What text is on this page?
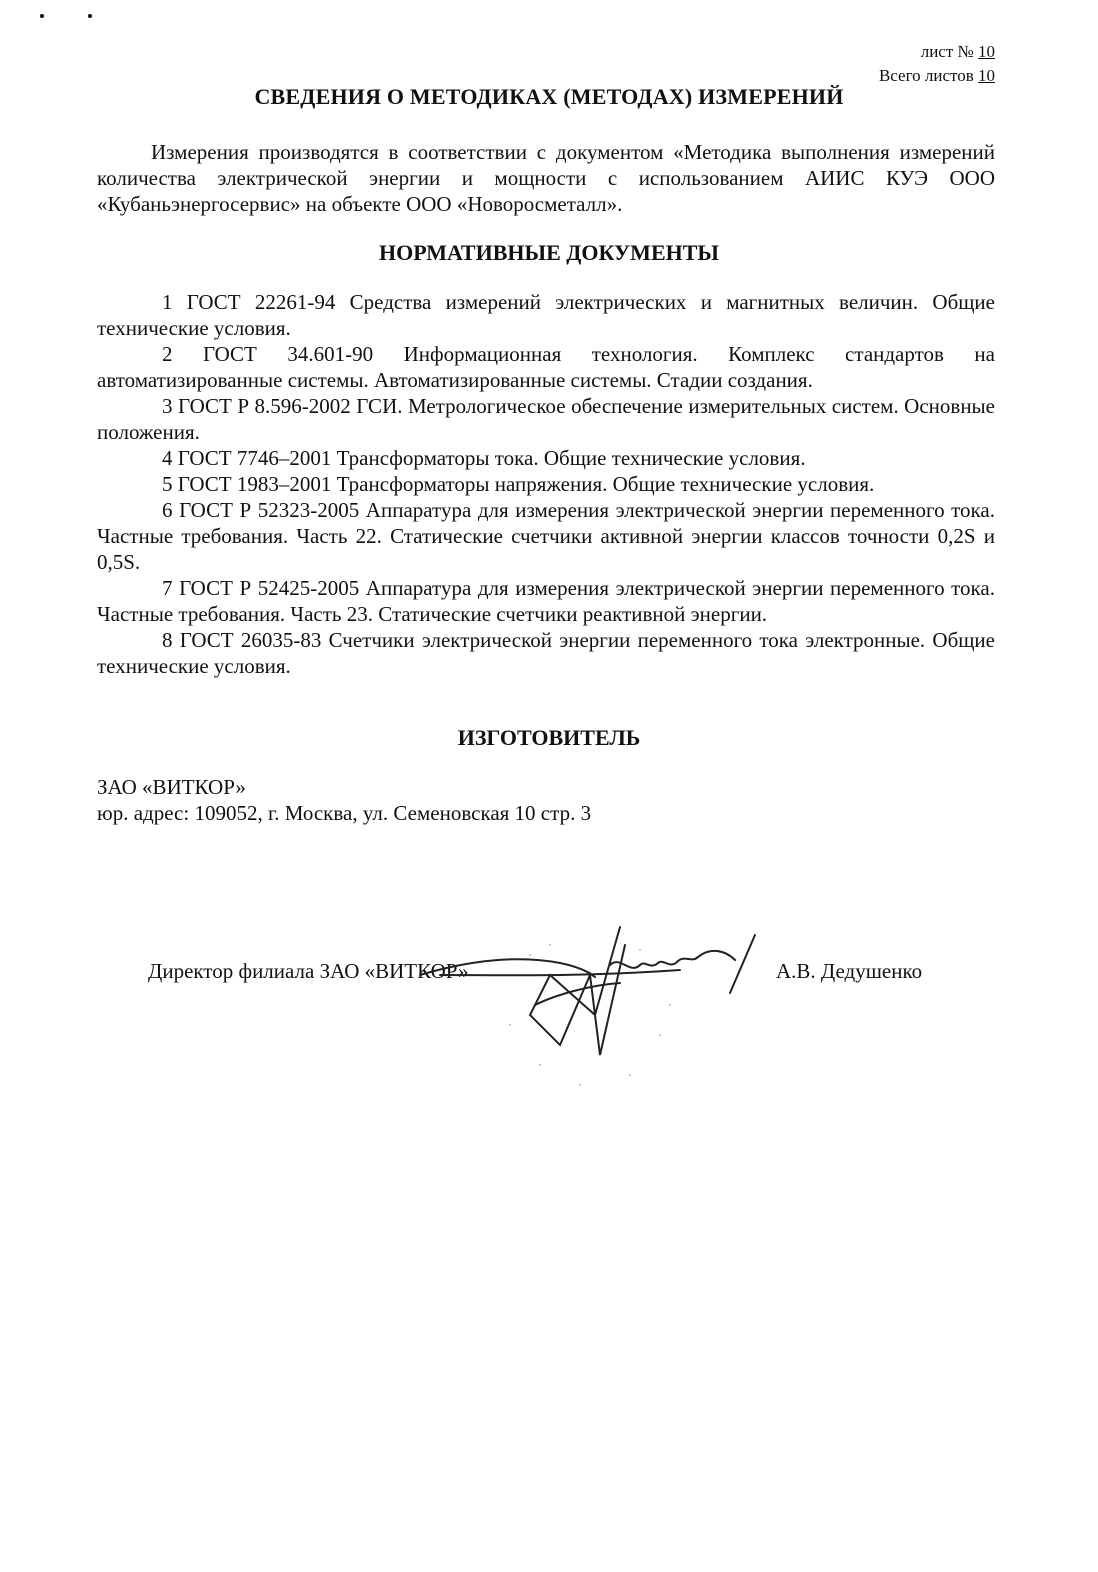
лист № 10
Всего листов 10
СВЕДЕНИЯ О МЕТОДИКАХ (МЕТОДАХ) ИЗМЕРЕНИЙ
Измерения производятся в соответствии с документом «Методика выполнения измерений количества электрической энергии и мощности с использованием АИИС КУЭ ООО «Кубаньэнергосервис» на объекте ООО «Новоросметалл».
НОРМАТИВНЫЕ ДОКУМЕНТЫ
1 ГОСТ 22261-94 Средства измерений электрических и магнитных величин. Общие технические условия.
2 ГОСТ 34.601-90 Информационная технология. Комплекс стандартов на автоматизированные системы. Автоматизированные системы. Стадии создания.
3 ГОСТ Р 8.596-2002 ГСИ. Метрологическое обеспечение измерительных систем. Основные положения.
4 ГОСТ 7746–2001 Трансформаторы тока. Общие технические условия.
5 ГОСТ 1983–2001 Трансформаторы напряжения. Общие технические условия.
6 ГОСТ Р 52323-2005 Аппаратура для измерения электрической энергии переменного тока. Частные требования. Часть 22. Статические счетчики активной энергии классов точности 0,2S и 0,5S.
7 ГОСТ Р 52425-2005 Аппаратура для измерения электрической энергии переменного тока. Частные требования. Часть 23. Статические счетчики реактивной энергии.
8 ГОСТ 26035-83 Счетчики электрической энергии переменного тока электронные. Общие технические условия.
ИЗГОТОВИТЕЛЬ
ЗАО «ВИТКОР»
юр. адрес: 109052, г. Москва, ул. Семеновская 10 стр. 3
Директор филиала ЗАО «ВИТКОР»	А.В. Дедушенко
